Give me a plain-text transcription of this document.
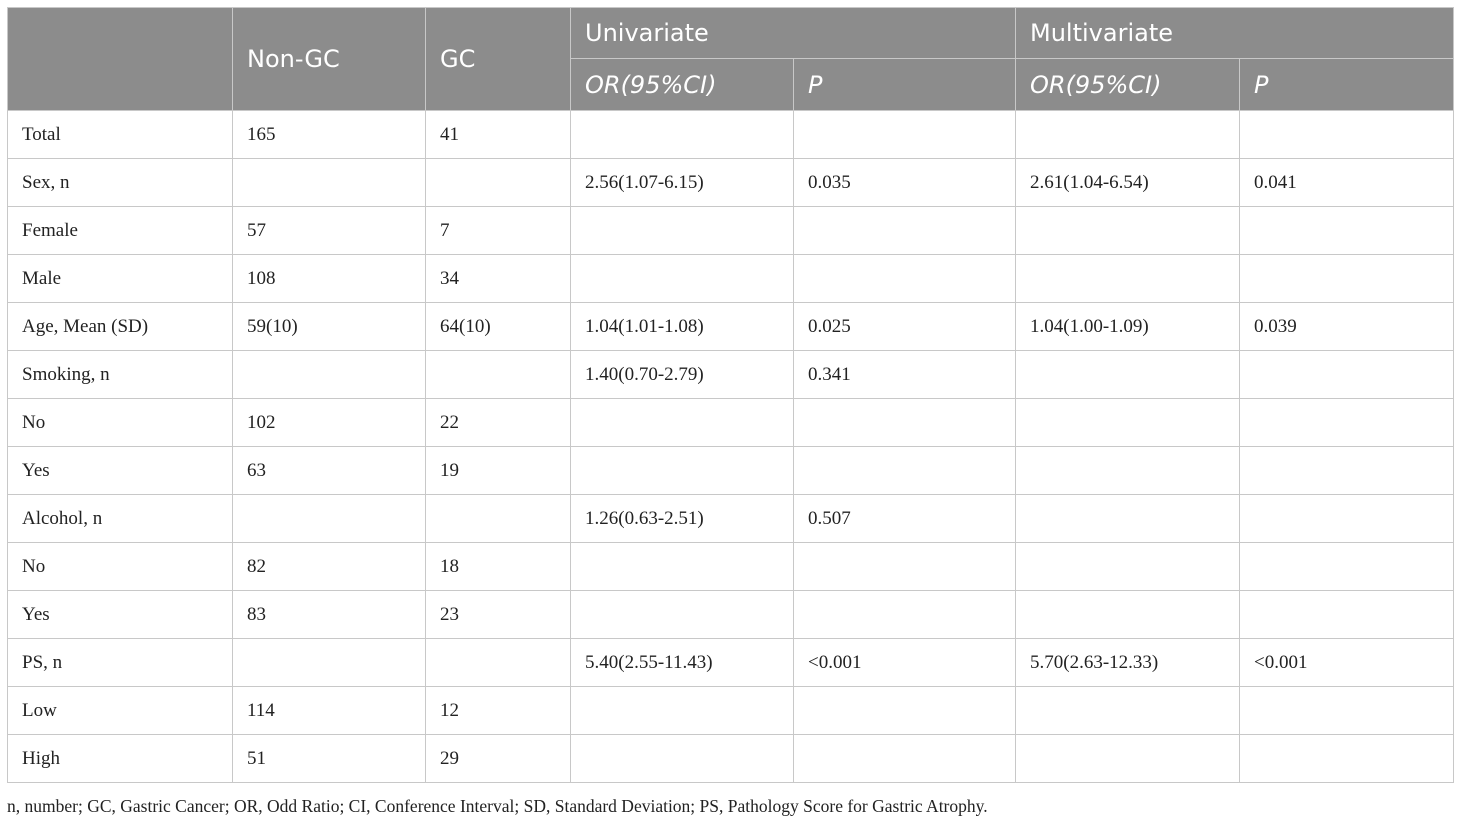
	Non-GC	GC	Univariate		Multivariate	
			OR(95%CI)	P	OR(95%CI)	P
Total	165	41				
Sex, n			2.56(1.07-6.15)	0.035	2.61(1.04-6.54)	0.041
Female	57	7				
Male	108	34				
Age, Mean (SD)	59(10)	64(10)	1.04(1.01-1.08)	0.025	1.04(1.00-1.09)	0.039
Smoking, n			1.40(0.70-2.79)	0.341		
No	102	22				
Yes	63	19				
Alcohol, n			1.26(0.63-2.51)	0.507		
No	82	18				
Yes	83	23				
PS, n			5.40(2.55-11.43)	<0.001	5.70(2.63-12.33)	<0.001
Low	114	12				
High	51	29				
n, number; GC, Gastric Cancer; OR, Odd Ratio; CI, Conference Interval; SD, Standard Deviation; PS, Pathology Score for Gastric Atrophy.
